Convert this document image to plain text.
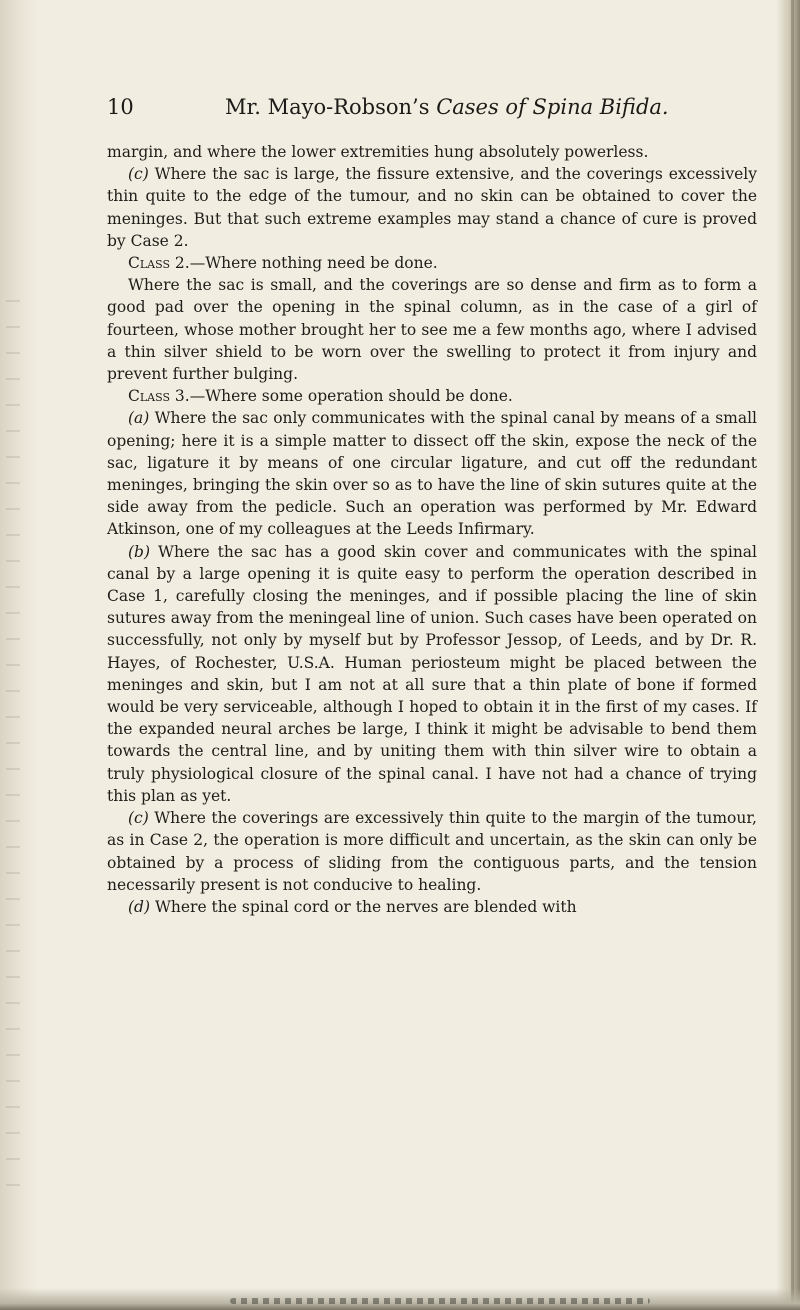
10	Mr. Mayo-Robson’s Cases of Spina Bifida.

margin, and where the lower extremities hung absolutely powerless.

(c) Where the sac is large, the fissure extensive, and the coverings excessively thin quite to the edge of the tumour, and no skin can be obtained to cover the meninges. But that such extreme examples may stand a chance of cure is proved by Case 2.

Class 2.—Where nothing need be done.

Where the sac is small, and the coverings are so dense and firm as to form a good pad over the opening in the spinal column, as in the case of a girl of fourteen, whose mother brought her to see me a few months ago, where I advised a thin silver shield to be worn over the swelling to protect it from injury and prevent further bulging.

Class 3.—Where some operation should be done.

(a) Where the sac only communicates with the spinal canal by means of a small opening; here it is a simple matter to dissect off the skin, expose the neck of the sac, ligature it by means of one circular ligature, and cut off the redundant meninges, bringing the skin over so as to have the line of skin sutures quite at the side away from the pedicle. Such an operation was performed by Mr. Edward Atkinson, one of my colleagues at the Leeds Infirmary.

(b) Where the sac has a good skin cover and communicates with the spinal canal by a large opening it is quite easy to perform the operation described in Case 1, carefully closing the meninges, and if possible placing the line of skin sutures away from the meningeal line of union. Such cases have been operated on successfully, not only by myself but by Professor Jessop, of Leeds, and by Dr. R. Hayes, of Rochester, U.S.A. Human periosteum might be placed between the meninges and skin, but I am not at all sure that a thin plate of bone if formed would be very serviceable, although I hoped to obtain it in the first of my cases. If the expanded neural arches be large, I think it might be advisable to bend them towards the central line, and by uniting them with thin silver wire to obtain a truly physiological closure of the spinal canal. I have not had a chance of trying this plan as yet.

(c) Where the coverings are excessively thin quite to the margin of the tumour, as in Case 2, the operation is more difficult and uncertain, as the skin can only be obtained by a process of sliding from the contiguous parts, and the tension necessarily present is not conducive to healing.

(d) Where the spinal cord or the nerves are blended with
